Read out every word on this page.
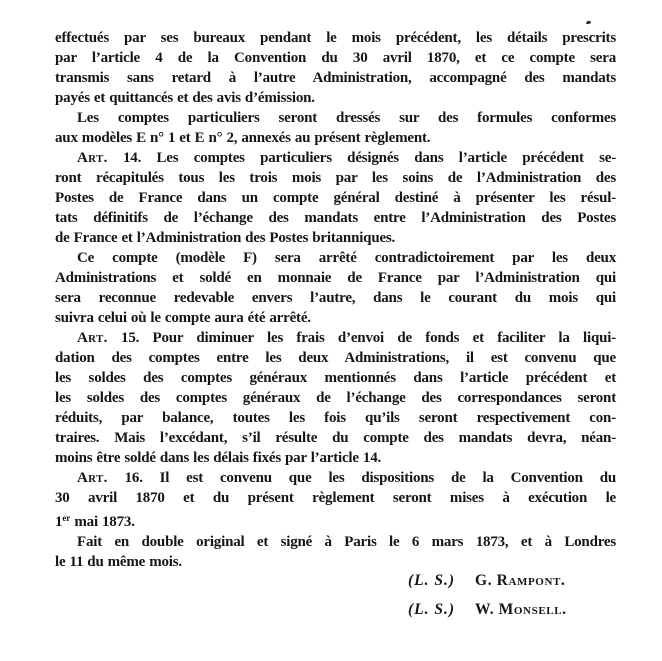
effectués par ses bureaux pendant le mois précédent, les détails prescrits
par l’article 4 de la Convention du 30 avril 1870, et ce compte sera
transmis sans retard à l’autre Administration, accompagné des mandats
payés et quittancés et des avis d’émission.
Les comptes particuliers seront dressés sur des formules conformes
aux modèles E n° 1 et E n° 2, annexés au présent règlement.
Art. 14. Les comptes particuliers désignés dans l’article précédent se-
ront récapitulés tous les trois mois par les soins de l’Administration des
Postes de France dans un compte général destiné à présenter les résul-
tats définitifs de l’échange des mandats entre l’Administration des Postes
de France et l’Administration des Postes britanniques.
Ce compte (modèle F) sera arrêté contradictoirement par les deux
Administrations et soldé en monnaie de France par l’Administration qui
sera reconnue redevable envers l’autre, dans le courant du mois qui
suivra celui où le compte aura été arrêté.
Art. 15. Pour diminuer les frais d’envoi de fonds et faciliter la liqui-
dation des comptes entre les deux Administrations, il est convenu que
les soldes des comptes généraux mentionnés dans l’article précédent et
les soldes des comptes généraux de l’échange des correspondances seront
réduits, par balance, toutes les fois qu’ils seront respectivement con-
traires. Mais l’excédant, s’il résulte du compte des mandats devra, néan-
moins être soldé dans les délais fixés par l’article 14.
Art. 16. Il est convenu que les dispositions de la Convention du
30 avril 1870 et du présent règlement seront mises à exécution le
1er mai 1873.
Fait en double original et signé à Paris le 6 mars 1873, et à Londres
le 11 du même mois.
(L. S.) G. Rampont.
(L. S.) W. Monsell.
